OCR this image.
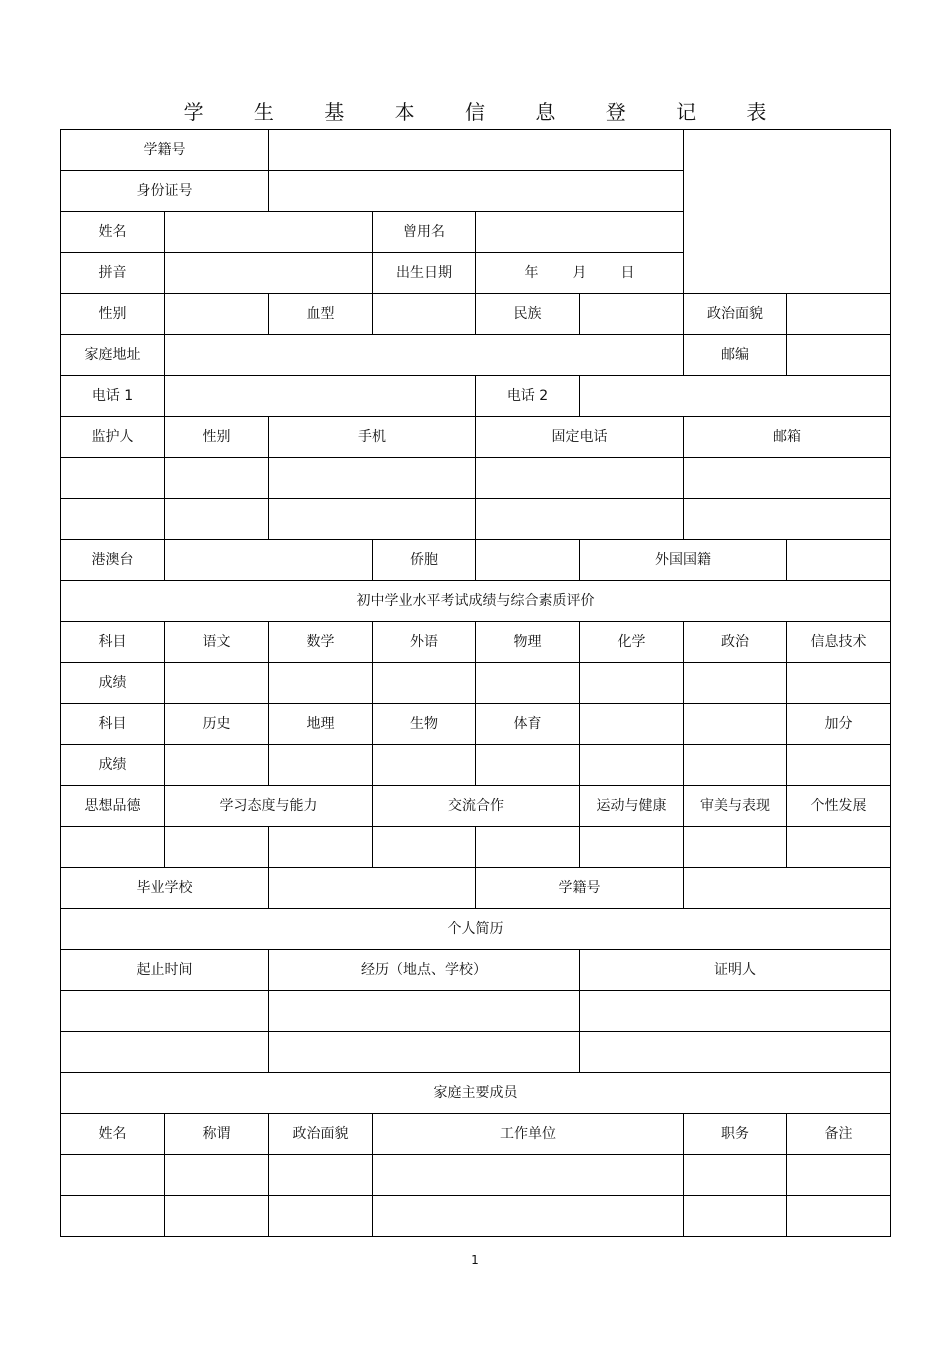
学 生 基 本 信 息 登 记 表
学籍号							
身份证号							
姓名			曾用名				
拼音			出生日期	年 月 日			
性别		血型		民族		政治面貌	
家庭地址						邮编	
电话 1				电话 2			
监护人	性别	手机		固定电话		邮箱	

港澳台			侨胞		外国国籍		
初中学业水平考试成绩与综合素质评价							
科目	语文	数学	外语	物理	化学	政治	信息技术
成绩							
科目	历史	地理	生物	体育			加分
成绩							
思想品德	学习态度与能力		交流合作		运动与健康	审美与表现	个性发展

毕业学校				学籍号			
个人简历							
起止时间		经历（地点、学校）			证明人		

家庭主要成员							
姓名	称谓	政治面貌	工作单位			职务	备注

1
